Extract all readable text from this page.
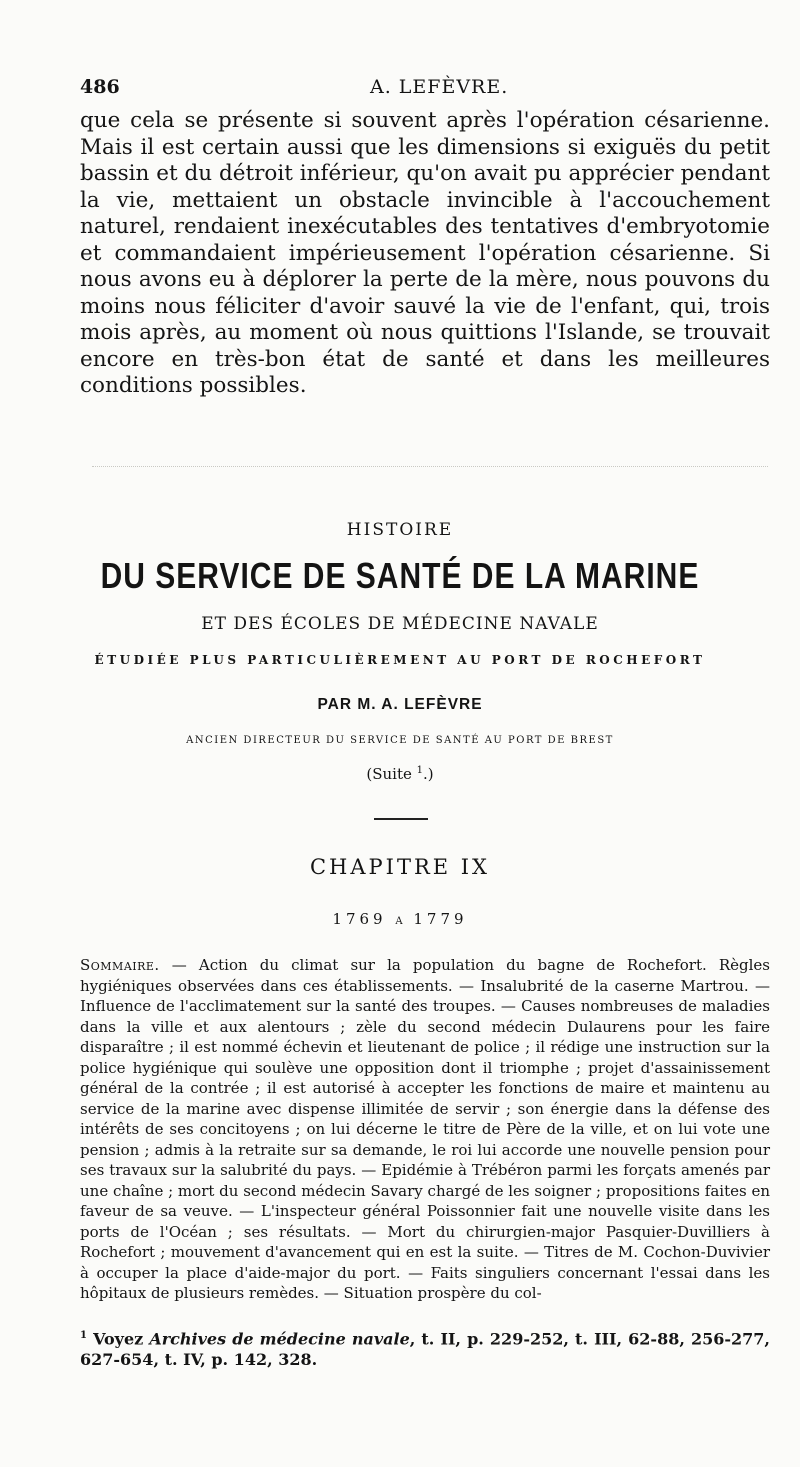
486	A. LEFÈVRE.
que cela se présente si souvent après l'opération césarienne. Mais il est certain aussi que les dimensions si exiguës du petit bassin et du détroit inférieur, qu'on avait pu apprécier pendant la vie, mettaient un obstacle invincible à l'accouchement naturel, rendaient inexécutables des tentatives d'embryotomie et commandaient impérieusement l'opération césarienne. Si nous avons eu à déplorer la perte de la mère, nous pouvons du moins nous féliciter d'avoir sauvé la vie de l'enfant, qui, trois mois après, au moment où nous quittions l'Islande, se trouvait encore en très-bon état de santé et dans les meilleures conditions possibles.
HISTOIRE
DU SERVICE DE SANTÉ DE LA MARINE
ET DES ÉCOLES DE MÉDECINE NAVALE
ÉTUDIÉE PLUS PARTICULIÈREMENT AU PORT DE ROCHEFORT
PAR M. A. LEFÈVRE
ANCIEN DIRECTEUR DU SERVICE DE SANTÉ AU PORT DE BREST
(Suite $^1$.)
CHAPITRE IX
1769 A 1779
Sommaire. — Action du climat sur la population du bagne de Rochefort. Règles hygiéniques observées dans ces établissements. — Insalubrité de la caserne Martrou. — Influence de l'acclimatement sur la santé des troupes. — Causes nombreuses de maladies dans la ville et aux alentours ; zèle du second médecin Dulaurens pour les faire disparaître ; il est nommé échevin et lieutenant de police ; il rédige une instruction sur la police hygiénique qui soulève une opposition dont il triomphe ; projet d'assainissement général de la contrée ; il est autorisé à accepter les fonctions de maire et maintenu au service de la marine avec dispense illimitée de servir ; son énergie dans la défense des intérêts de ses concitoyens ; on lui décerne le titre de Père de la ville, et on lui vote une pension ; admis à la retraite sur sa demande, le roi lui accorde une nouvelle pension pour ses travaux sur la salubrité du pays. — Epidémie à Trébéron parmi les forçats amenés par une chaîne ; mort du second médecin Savary chargé de les soigner ; propositions faites en faveur de sa veuve. — L'inspecteur général Poissonnier fait une nouvelle visite dans les ports de l'Océan ; ses résultats. — Mort du chirurgien-major Pasquier-Duvilliers à Rochefort ; mouvement d'avancement qui en est la suite. — Titres de M. Cochon-Duvivier à occuper la place d'aide-major du port. — Faits singuliers concernant l'essai dans les hôpitaux de plusieurs remèdes. — Situation prospère du col-
$^1$ Voyez Archives de médecine navale, t. II, p. 229-252, t. III, 62-88, 256-277, 627-654, t. IV, p. 142, 328.
